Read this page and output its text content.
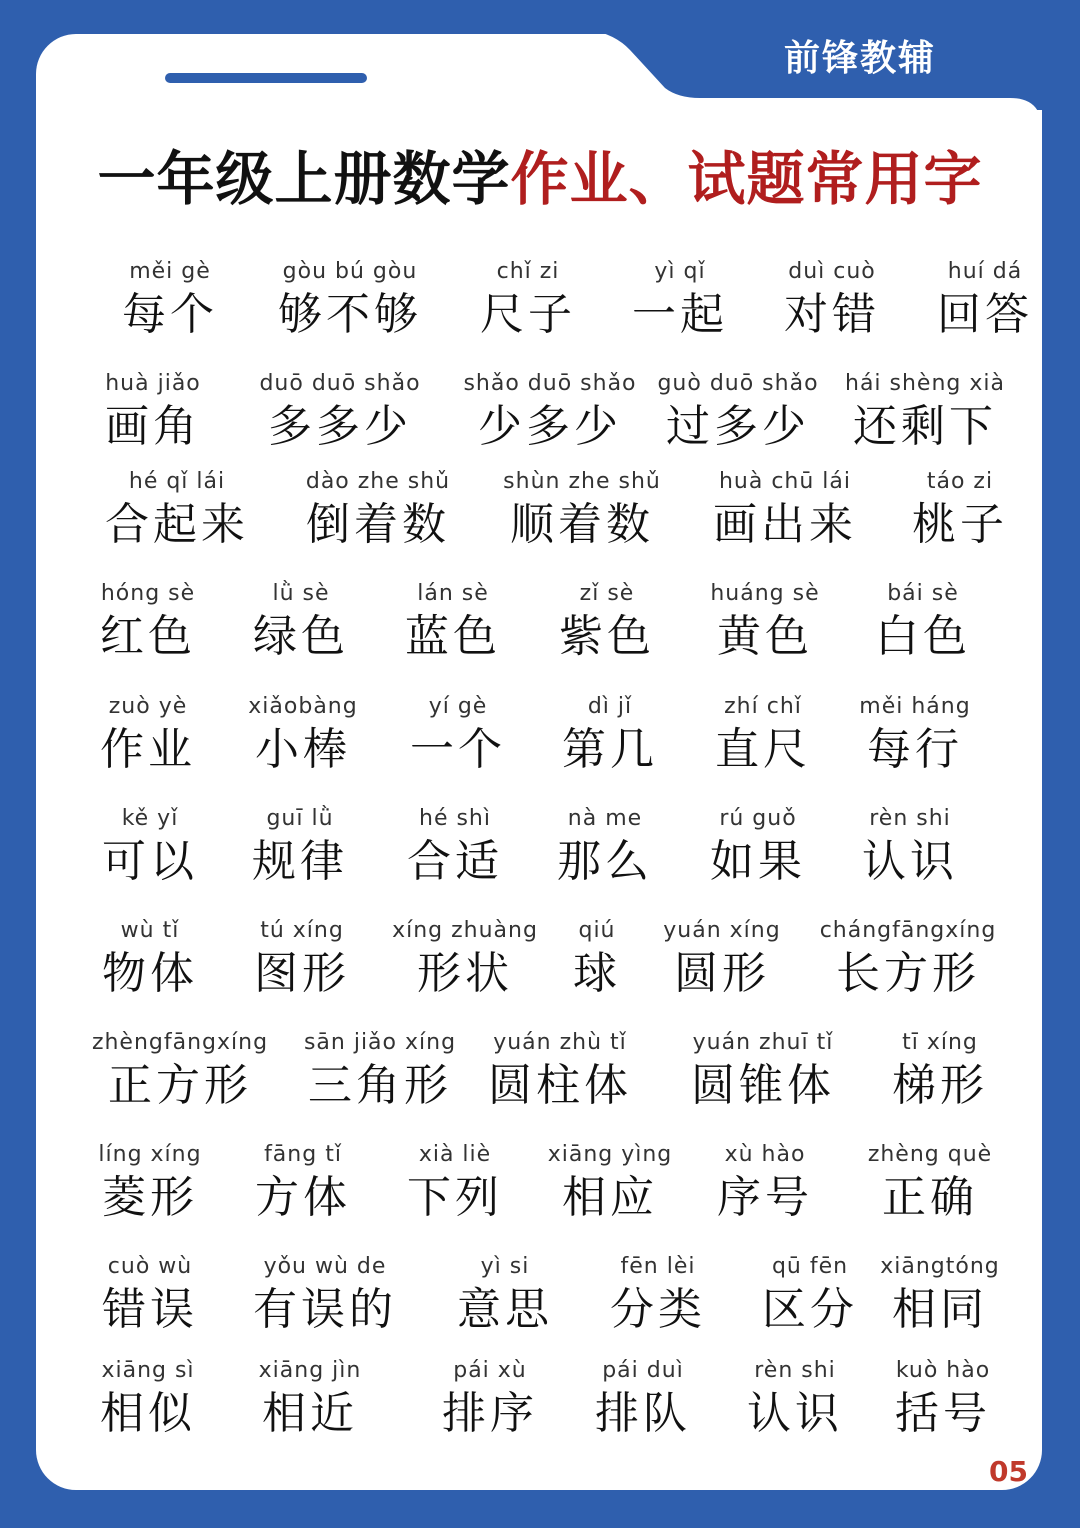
前锋教辅
一年级上册数学作业、试题常用字
měi gè
每个
gòu bú gòu
够不够
chǐ zi
尺子
yì qǐ
一起
duì cuò
对错
huí dá
回答
huà jiǎo
画角
duō duō shǎo
多多少
shǎo duō shǎo
少多少
guò duō shǎo
过多少
hái shèng xià
还剩下
hé qǐ lái
合起来
dào zhe shǔ
倒着数
shùn zhe shǔ
顺着数
huà chū lái
画出来
táo zi
桃子
hóng sè
红色
lǜ sè
绿色
lán sè
蓝色
zǐ sè
紫色
huáng sè
黄色
bái sè
白色
zuò yè
作业
xiǎobàng
小棒
yí gè
一个
dì jǐ
第几
zhí chǐ
直尺
měi háng
每行
kě yǐ
可以
guī lǜ
规律
hé shì
合适
nà me
那么
rú guǒ
如果
rèn shi
认识
wù tǐ
物体
tú xíng
图形
xíng zhuàng
形状
qiú
球
yuán xíng
圆形
chángfāngxíng
长方形
zhèngfāngxíng
正方形
sān jiǎo xíng
三角形
yuán zhù tǐ
圆柱体
yuán zhuī tǐ
圆锥体
tī xíng
梯形
líng xíng
菱形
fāng tǐ
方体
xià liè
下列
xiāng yìng
相应
xù hào
序号
zhèng què
正确
cuò wù
错误
yǒu wù de
有误的
yì si
意思
fēn lèi
分类
qū fēn
区分
xiāngtóng
相同
xiāng sì
相似
xiāng jìn
相近
pái xù
排序
pái duì
排队
rèn shi
认识
kuò hào
括号
05
